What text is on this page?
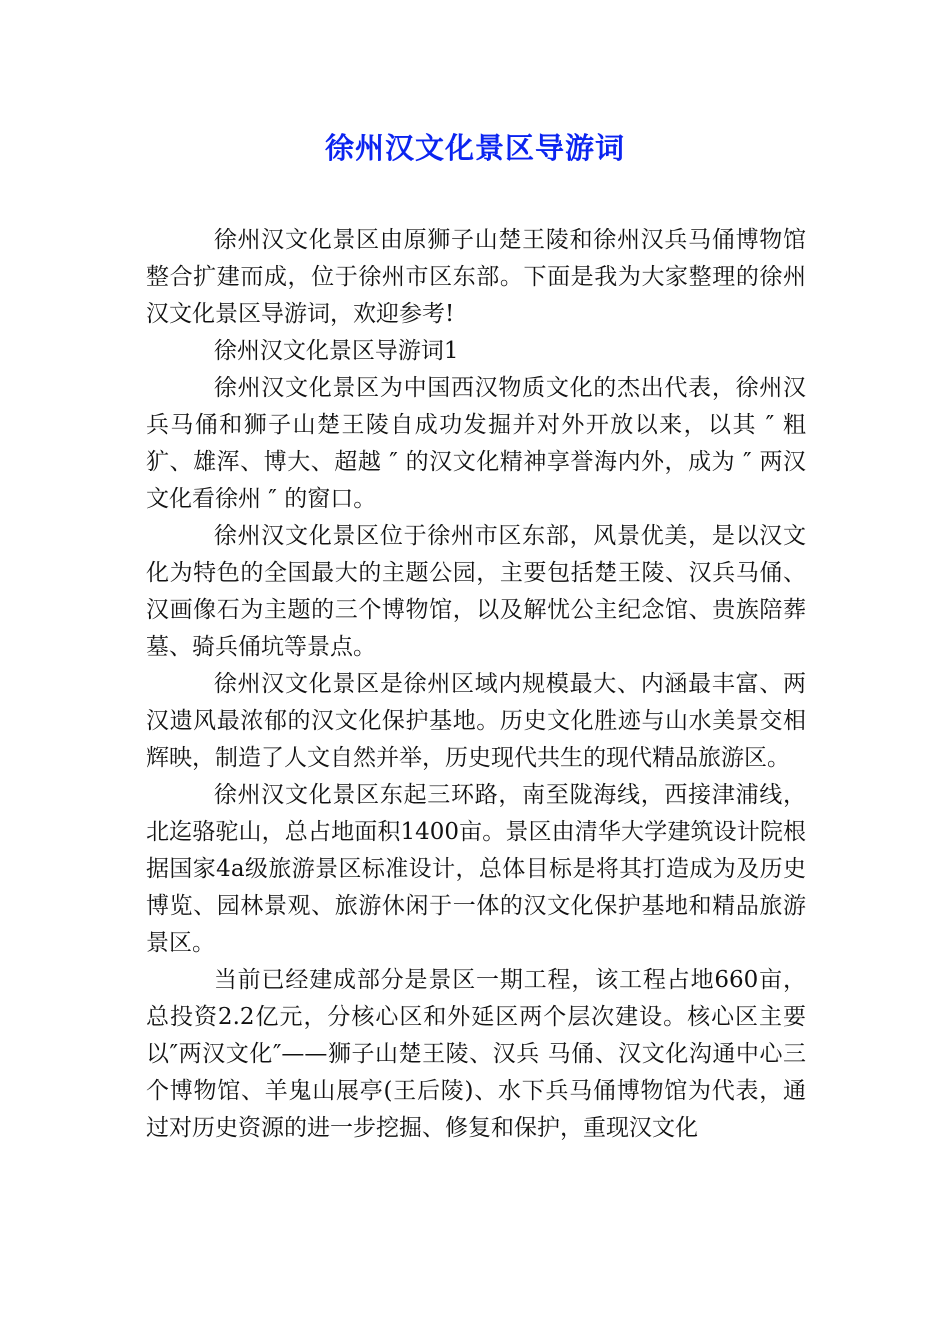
徐州汉文化景区导游词

徐州汉文化景区由原狮子山楚王陵和徐州汉兵马俑博物馆整合扩建而成，位于徐州市区东部。下面是我为大家整理的徐州汉文化景区导游词，欢迎参考!

徐州汉文化景区导游词1

徐州汉文化景区为中国西汉物质文化的杰出代表，徐州汉兵马俑和狮子山楚王陵自成功发掘并对外开放以来，以其 ″ 粗犷、雄浑、博大、超越 ″ 的汉文化精神享誉海内外，成为 ″ 两汉文化看徐州 ″ 的窗口。

徐州汉文化景区位于徐州市区东部，风景优美，是以汉文化为特色的全国最大的主题公园，主要包括楚王陵、汉兵马俑、汉画像石为主题的三个博物馆，以及解忧公主纪念馆、贵族陪葬墓、骑兵俑坑等景点。

徐州汉文化景区是徐州区域内规模最大、内涵最丰富、两汉遗风最浓郁的汉文化保护基地。历史文化胜迹与山水美景交相辉映，制造了人文自然并举，历史现代共生的现代精品旅游区。

徐州汉文化景区东起三环路，南至陇海线，西接津浦线，北迄骆驼山，总占地面积1400亩。景区由清华大学建筑设计院根据国家4a级旅游景区标准设计，总体目标是将其打造成为及历史博览、园林景观、旅游休闲于一体的汉文化保护基地和精品旅游景区。

当前已经建成部分是景区一期工程，该工程占地660亩，总投资2.2亿元，分核心区和外延区两个层次建设。核心区主要以″两汉文化″——狮子山楚王陵、汉兵 马俑、汉文化沟通中心三个博物馆、羊鬼山展亭(王后陵)、水下兵马俑博物馆为代表，通过对历史资源的进一步挖掘、修复和保护，重现汉文化
